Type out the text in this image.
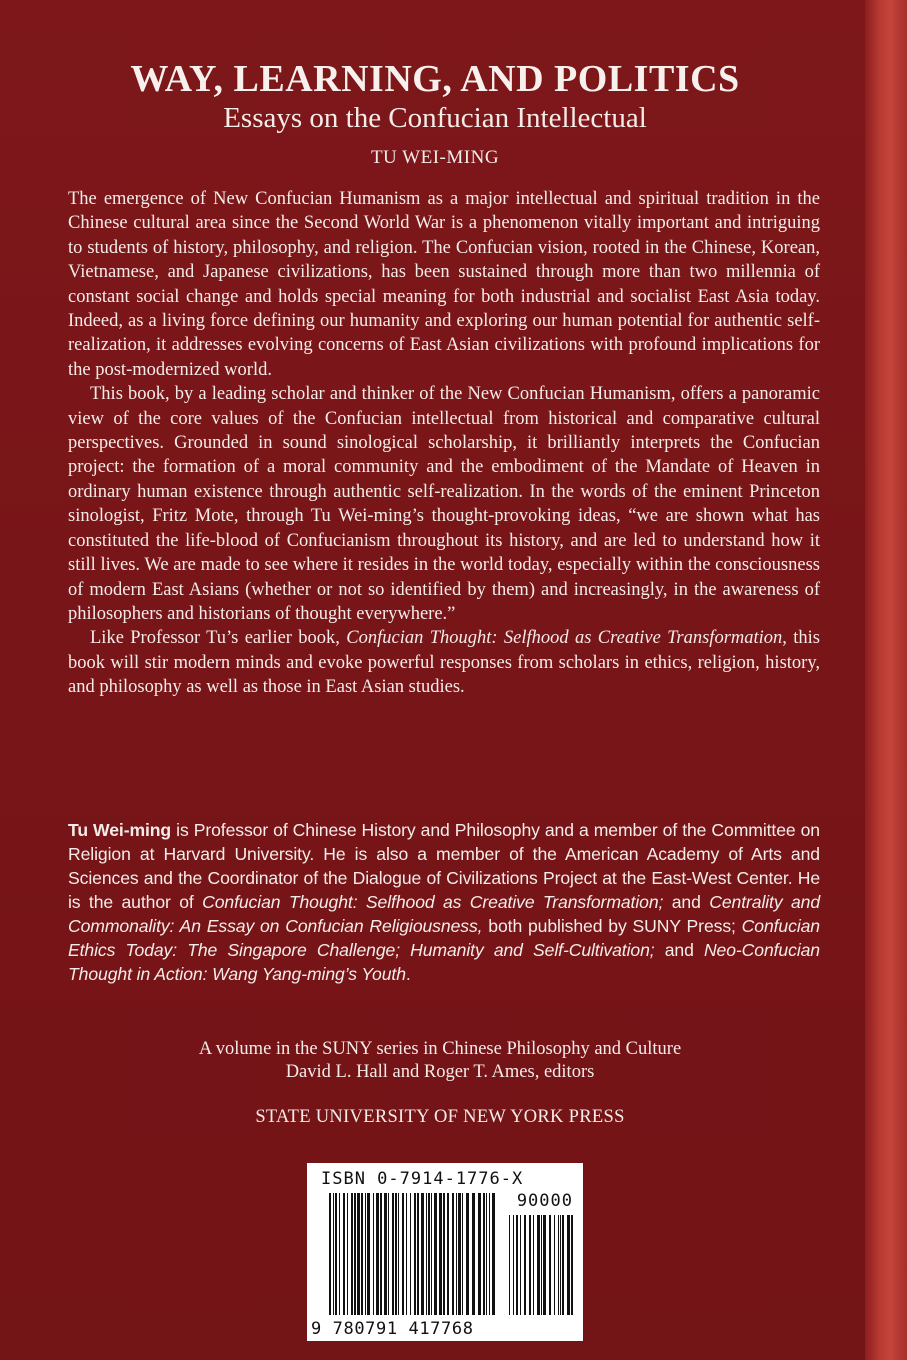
WAY, LEARNING, AND POLITICS
Essays on the Confucian Intellectual
TU WEI-MING

The emergence of New Confucian Humanism as a major intellectual and spiritual tradition in the Chinese cultural area since the Second World War is a phenomenon vitally important and intriguing to students of history, philosophy, and religion. The Confucian vision, rooted in the Chinese, Korean, Vietnamese, and Japanese civilizations, has been sustained through more than two millennia of constant social change and holds special meaning for both industrial and socialist East Asia today. Indeed, as a living force defining our humanity and exploring our human potential for authentic self-realization, it addresses evolving concerns of East Asian civilizations with profound implications for the post-modernized world.

This book, by a leading scholar and thinker of the New Confucian Humanism, offers a panoramic view of the core values of the Confucian intellectual from historical and comparative cultural perspectives. Grounded in sound sinological scholarship, it brilliantly interprets the Confucian project: the formation of a moral community and the embodiment of the Mandate of Heaven in ordinary human existence through authentic self-realization. In the words of the eminent Princeton sinologist, Fritz Mote, through Tu Wei-ming’s thought-provoking ideas, “we are shown what has constituted the life-blood of Confucianism throughout its history, and are led to understand how it still lives. We are made to see where it resides in the world today, especially within the consciousness of modern East Asians (whether or not so identified by them) and increasingly, in the awareness of philosophers and historians of thought everywhere.”

Like Professor Tu’s earlier book, Confucian Thought: Selfhood as Creative Transformation, this book will stir modern minds and evoke powerful responses from scholars in ethics, religion, history, and philosophy as well as those in East Asian studies.

Tu Wei-ming is Professor of Chinese History and Philosophy and a member of the Committee on Religion at Harvard University. He is also a member of the American Academy of Arts and Sciences and the Coordinator of the Dialogue of Civilizations Project at the East-West Center. He is the author of Confucian Thought: Selfhood as Creative Transformation; and Centrality and Commonality: An Essay on Confucian Religiousness, both published by SUNY Press; Confucian Ethics Today: The Singapore Challenge; Humanity and Self-Cultivation; and Neo-Confucian Thought in Action: Wang Yang-ming’s Youth.
A volume in the SUNY series in Chinese Philosophy and Culture
David L. Hall and Roger T. Ames, editors
STATE UNIVERSITY OF NEW YORK PRESS
ISBN 0-7914-1776-X
90000
9 780791 417768
